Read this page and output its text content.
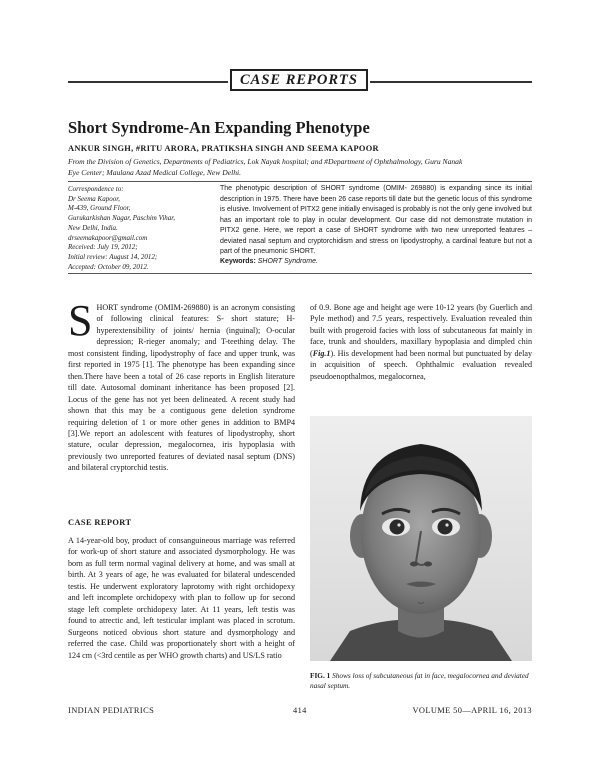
CASE REPORTS
Short Syndrome-An Expanding Phenotype
ANKUR SINGH, #RITU ARORA, PRATIKSHA SINGH AND SEEMA KAPOOR
From the Division of Genetics, Departments of Pediatrics, Lok Nayak hospital; and #Department of Ophthalmology, Guru Nanak
Eye Center; Maulana Azad Medical College, New Delhi.
Correspondence to:
Dr Seema Kapoor,
M-439, Ground Floor,
Gurukarkishan Nagar, Paschim Vihar,
New Delhi, India.
drseemakapoor@gmail.com
Received: July 19, 2012;
Initial review: August 14, 2012;
Accepted: October 09, 2012.
The phenotypic description of SHORT syndrome (OMIM- 269880) is expanding since its initial description in 1975. There have been 26 case reports till date but the genetic locus of this syndrome is elusive. Involvement of PITX2 gene initially envisaged is probably is not the only gene involved but has an important role to play in ocular development. Our case did not demonstrate mutation in PITX2 gene. Here, we report a case of SHORT syndrome with two new unreported features – deviated nasal septum and cryptorchidism and stress on lipodystrophy, a cardinal feature but not a part of the pneumonic SHORT.
Keywords: SHORT Syndrome.
SHORT syndrome (OMIM-269880) is an acronym consisting of following clinical features: S- short stature; H- hyperextensibility of joints/ hernia (inguinal); O-ocular depression; R-rieger anomaly; and T-teething delay. The most consistent finding, lipodystrophy of face and upper trunk, was first reported in 1975 [1]. The phenotype has been expanding since then.There have been a total of 26 case reports in English literature till date. Autosomal dominant inheritance has been proposed [2]. Locus of the gene has not yet been delineated. A recent study had shown that this may be a contiguous gene deletion syndrome requiring deletion of 1 or more other genes in addition to BMP4 [3].We report an adolescent with features of lipodystrophy, short stature, ocular depression, megalocornea, iris hypoplasia with previously two unreported features of deviated nasal septum (DNS) and bilateral cryptorchid testis.
CASE REPORT

A 14-year-old boy, product of consanguineous marriage was referred for work-up of short stature and associated dysmorphology. He was born as full term normal vaginal delivery at home, and was small at birth. At 3 years of age, he was evaluated for bilateral undescended testis. He underwent exploratory laprotomy with right orchidopexy and left incomplete orchidopexy with plan to follow up for second stage left complete orchidopexy later. At 11 years, left testis was found to atrectic and, left testicular implant was placed in scrotum. Surgeons noticed obvious short stature and dysmorphology and referred the case. Child was proportionately short with a height of 124 cm (<3rd centile as per WHO growth charts) and US/LS ratio

of 0.9. Bone age and height age were 10-12 years (by Guerlich and Pyle method) and 7.5 years, respectively. Evaluation revealed thin built with progeroid facies with loss of subcutaneous fat mainly in face, trunk and shoulders, maxillary hypoplasia and dimpled chin (Fig.1). His development had been normal but punctuated by delay in acquisition of speech. Ophthalmic evaluation revealed pseudoenopthalmos, megalocornea,
FIG. 1 Shows loss of subcutaneous fat in face, megalocornea and deviated nasal septum.
INDIAN PEDIATRICS	414	VOLUME 50—APRIL 16, 2013
